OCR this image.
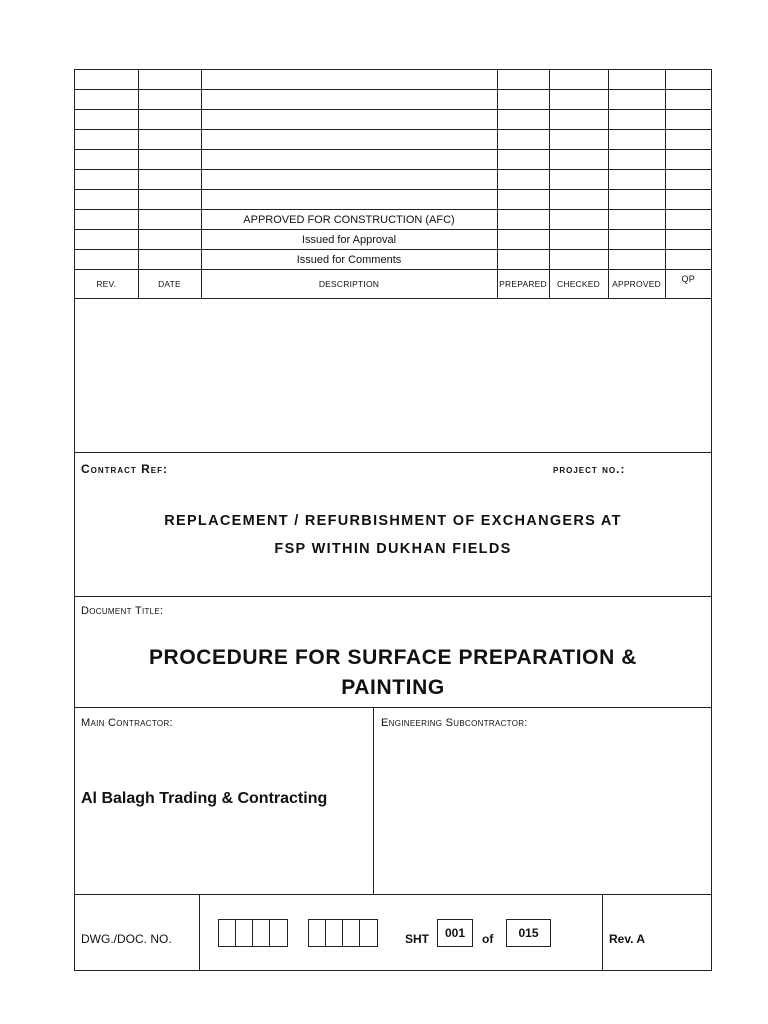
		APPROVED FOR CONSTRUCTION (AFC)				
		Issued for Approval				
		Issued for Comments				
REV.	DATE	DESCRIPTION	PREPARED	CHECKED	APPROVED	QP
Contract Ref:	project no.:
REPLACEMENT / REFURBISHMENT OF EXCHANGERS AT
FSP WITHIN DUKHAN FIELDS
Document Title:
PROCEDURE FOR SURFACE PREPARATION &
PAINTING
Main Contractor:
Al Balagh Trading & Contracting
Engineering Subcontractor:
DWG./DOC. NO.	SHT	001	of	015	Rev. A
